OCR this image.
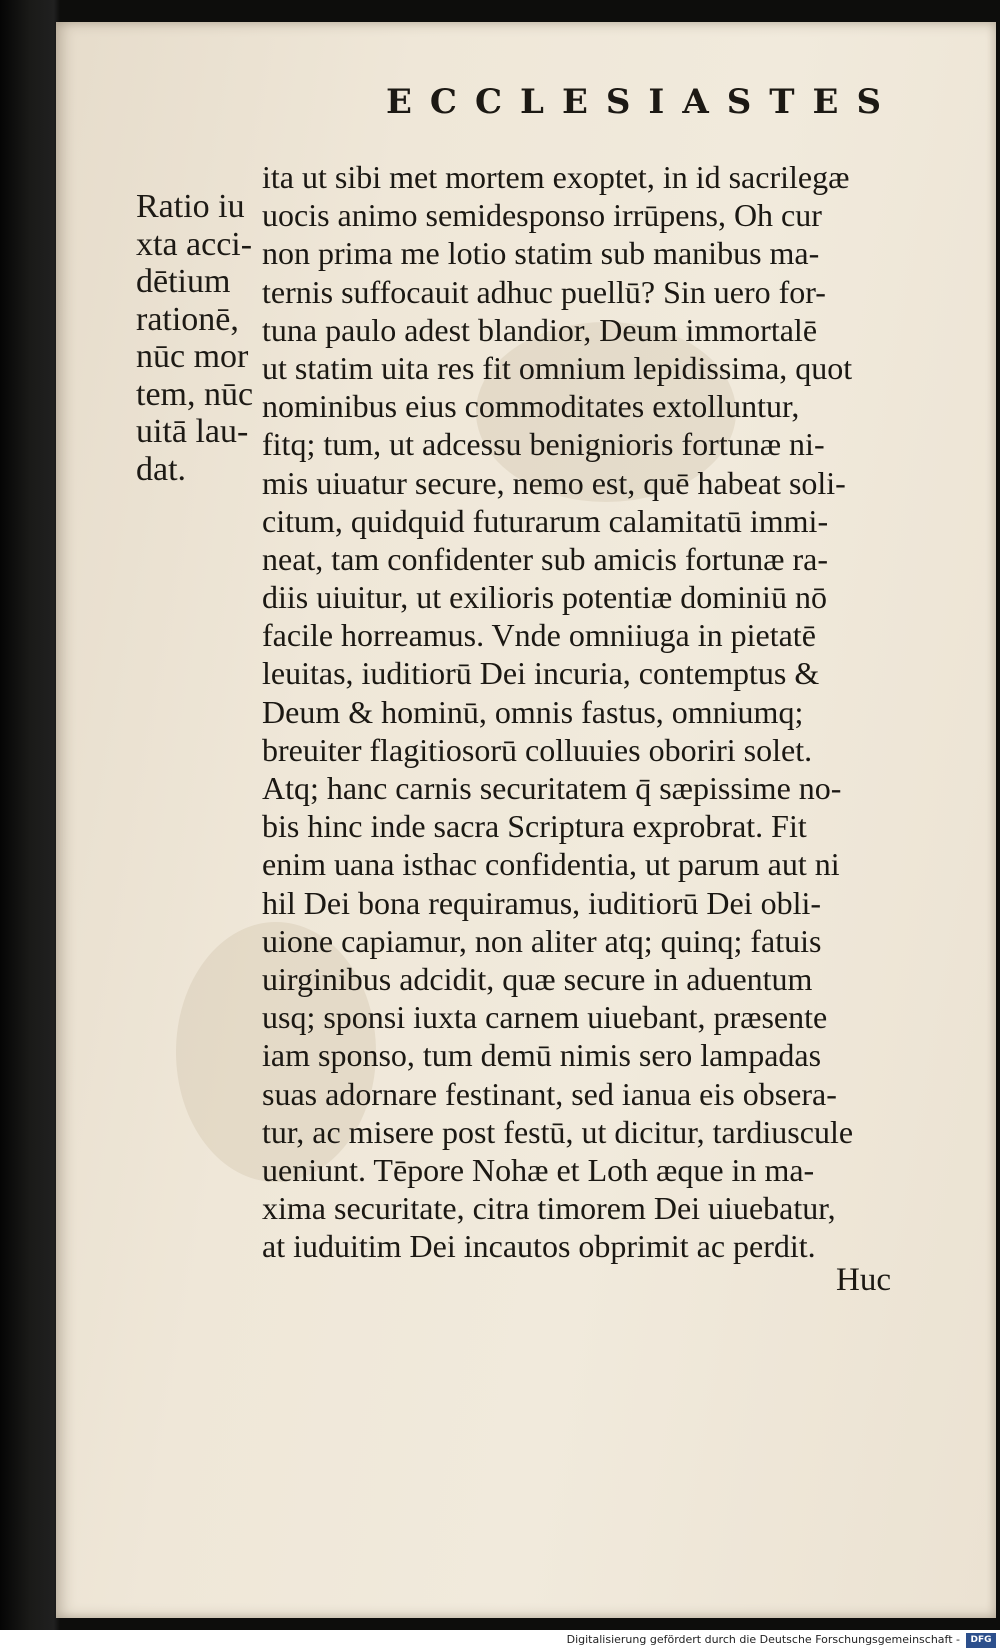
ECCLESIASTES
Ratio iu
xta acci-
dētium
rationē,
nūc mor
tem, nūc
uitā lau-
dat.
ita ut sibi met mortem exoptet, in id sacrilegæ
uocis animo semidesponso irrūpens, Oh cur
non prima me lotio statim sub manibus ma-
ternis suffocauit adhuc puellū? Sin uero for-
tuna paulo adest blandior, Deum immortalē
ut statim uita res fit omnium lepidissima, quot
nominibus eius commoditates extolluntur,
fitq; tum, ut adcessu benignioris fortunæ ni-
mis uiuatur secure, nemo est, quē habeat soli-
citum, quidquid futurarum calamitatū immi-
neat, tam confidenter sub amicis fortunæ ra-
diis uiuitur, ut exilioris potentiæ dominiū nō
facile horreamus. Vnde omniiuga in pietatē
leuitas, iuditiorū Dei incuria, contemptus &
Deum & hominū, omnis fastus, omniumq;
breuiter flagitiosorū colluuies oboriri solet.
Atq; hanc carnis securitatem q̄ sæpissime no-
bis hinc inde sacra Scriptura exprobrat. Fit
enim uana isthac confidentia, ut parum aut ni
hil Dei bona requiramus, iuditiorū Dei obli-
uione capiamur, non aliter atq; quinq; fatuis
uirginibus adcidit, quæ secure in aduentum
usq; sponsi iuxta carnem uiuebant, præsente
iam sponso, tum demū nimis sero lampadas
suas adornare festinant, sed ianua eis obsera-
tur, ac misere post festū, ut dicitur, tardiuscule
ueniunt. Tēpore Nohæ et Loth æque in ma-
xima securitate, citra timorem Dei uiuebatur,
at iuduitim Dei incautos obprimit ac perdit.
Huc
Digitalisierung gefördert durch die Deutsche Forschungsgemeinschaft -	DFG
